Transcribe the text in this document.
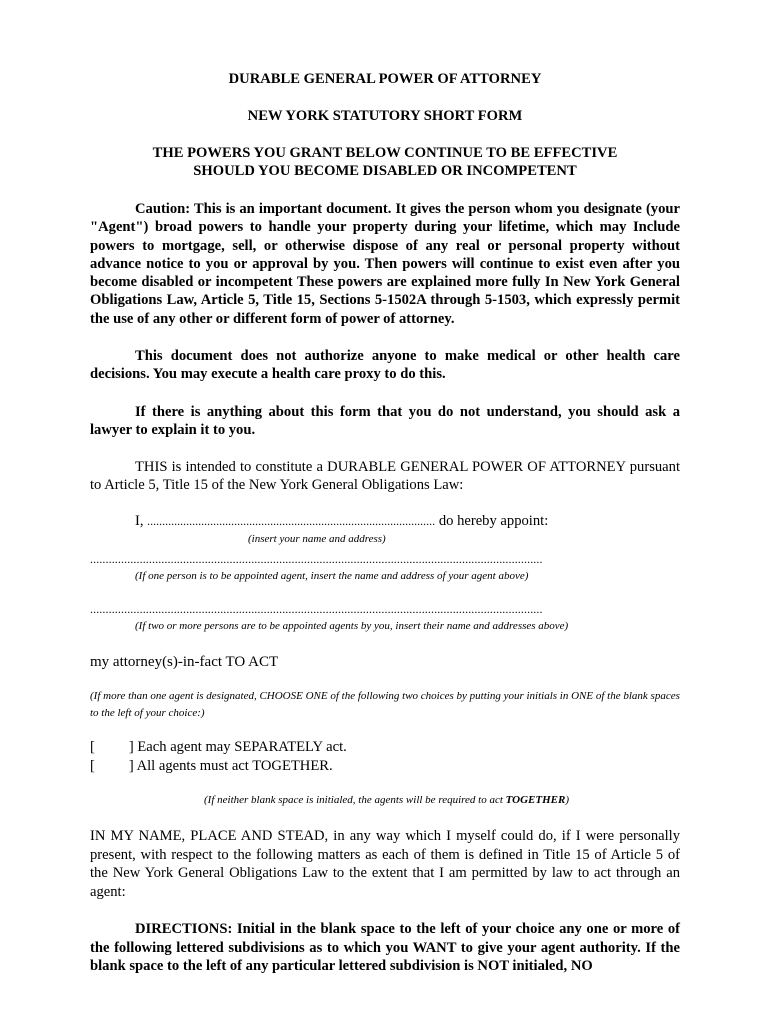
DURABLE GENERAL POWER OF ATTORNEY
NEW YORK STATUTORY SHORT FORM
THE POWERS YOU GRANT BELOW CONTINUE TO BE EFFECTIVE
SHOULD YOU BECOME DISABLED OR INCOMPETENT
Caution: This is an important document. It gives the person whom you designate (your "Agent") broad powers to handle your property during your lifetime, which may Include powers to mortgage, sell, or otherwise dispose of any real or personal property without advance notice to you or approval by you. Then powers will continue to exist even after you become disabled or incompetent These powers are explained more fully In New York General Obligations Law, Article 5, Title 15, Sections 5-1502A through 5-1503, which expressly permit the use of any other or different form of power of attorney.
This document does not authorize anyone to make medical or other health care decisions. You may execute a health care proxy to do this.
If there is anything about this form that you do not understand, you should ask a lawyer to explain it to you.
THIS is intended to constitute a DURABLE GENERAL POWER OF ATTORNEY pursuant to Article 5, Title 15 of the New York General Obligations Law:
I, ................................................................................................ do hereby appoint:
(insert your name and address)
..................................................................................................................................................
(If one person is to be appointed agent, insert the name and address of your agent above)
..................................................................................................................................................
(If two or more persons are to be appointed agents by you, insert their name and addresses above)
my attorney(s)-in-fact TO ACT
(If more than one agent is designated, CHOOSE ONE of the following two choices by putting your initials in ONE of the blank spaces to the left of your choice:)
[ ] Each agent may SEPARATELY act.
[ ] All agents must act TOGETHER.
(If neither blank space is initialed, the agents will be required to act TOGETHER)
IN MY NAME, PLACE AND STEAD, in any way which I myself could do, if I were personally present, with respect to the following matters as each of them is defined in Title 15 of Article 5 of the New York General Obligations Law to the extent that I am permitted by law to act through an agent:
DIRECTIONS: Initial in the blank space to the left of your choice any one or more of the following lettered subdivisions as to which you WANT to give your agent authority. If the blank space to the left of any particular lettered subdivision is NOT initialed, NO
